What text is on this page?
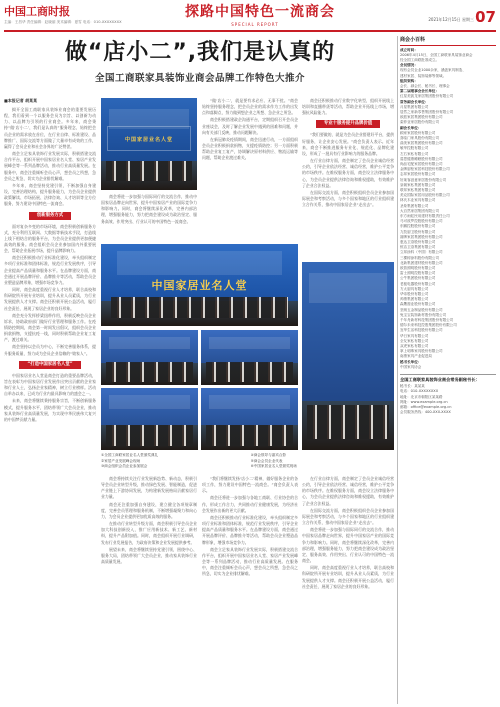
中国工商时报
主编：王昌华 责任编辑：赵晓丽 美术编辑：夏雪 电话：010-XXXXXXXX
探路中国特色一流商会
SPECIAL REPORT
2021年12月15日 星期三 07
做“店小二”,我们是认真的
全国工商联家具装饰业商会品牌工作特色大推介
■本报记者 胡某某

揭开全国工商联家具装饰业商会的重要发展历程，我们看到一个以服务会员为宗旨、以创新为动力、以品牌为引领的行业商会。多年来，商会秉持“做‘店小二’，我们是认真的”服务理念，始终把会员企业的需求放在首位，在行业自律、标准建设、品牌推广、国际交流等方面做了大量卓有成效的工作，赢得了会员企业和社会各界的广泛赞誉。

商会立足家具装饰行业发展实际，积极搭建交流合作平台，组织开展中国家居业名人堂、家居产业发展峰会等一系列品牌活动，推动行业高质量发展。在服务中，商会注重倾听会员心声，想会员之所想，急会员之所急，切实为企业排忧解难。

多年来，商会坚持党建引领，不断加强自身建设，完善治理结构，提升服务能力，为会员企业提供政策解读、市场拓展、法律咨询、人才培训等全方位服务，努力建设中国特色一流商会。

创新服务方式

面对复杂多变的市场环境，商会积极创新服务方式，充分利用互联网、大数据等新技术手段，打造线上线下相结合的服务平台，为会员企业提供更加便捷高效的服务。商会组织会员企业参加国内外重要展会，帮助企业拓展市场，提升品牌影响力。

商会还积极推动行业标准化建设，牵头组织制定多项行业标准和团体标准，规范行业发展秩序，引导企业提高产品质量和服务水平。在品牌建设方面，商会通过开展品牌评价、品牌推介等活动，帮助会员企业塑造品牌形象，增强市场竞争力。

同时，商会高度重视行业人才培养，联合高校和科研院所开展专业培训，提升从业人员素质，为行业发展提供人才支撑。商会还积极开展公益活动，履行社会责任，展现了家居企业的良好形象。

商会充分发挥桥梁纽带作用，积极反映会员企业诉求，协助政府部门做好行业管理和服务工作。在疫情防控期间，商会第一时间发出倡议，组织会员企业捐款捐物，支援抗疫一线，同时积极帮助企业复工复产，渡过难关。

商会坚持以会员为中心，不断完善服务体系，提升服务质量，努力成为会员企业信赖的“娘家人”。

“打造中国家居名人堂”

中国家居业名人堂是商会打造的重要品牌活动，旨在表彰为中国家居行业发展作出突出贡献的企业家和行业人士，弘扬企业家精神，树立行业榜样。活动自举办以来，已成为行业内最具影响力的盛会之一。

未来，商会将继续秉持服务宗旨，不断创新服务模式，提升服务水平，团结带领广大会员企业，推动家具装饰行业高质量发展，为实现中华民族伟大复兴的中国梦贡献力量。

中国家居业名人堂

商会将进一步加强与国际同行的交流合作，推动中国家居品牌走向世界，提升中国家居产业的国际竞争力和影响力。同时，商会将继续深化改革，完善内部治理，增强服务能力，努力把商会建设成为政治坚定、服务高效、作用突出、行业认可的中国特色一流商会。

“做‘店小二’，就是要有求必应、无事不扰。”商会始终坚持服务理念，把会员企业的需求作为工作的出发点和落脚点，努力做到想企业之所想、急企业之所急。

商会积极搭建政企沟通平台，定期组织召开会员企业座谈会，及时了解企业发展中遇到的困难和问题，并向有关部门反映，推动问题解决。

在新冠肺炎疫情期间，商会迅速行动，一方面组织会员企业积极捐款捐物，支援疫情防控；另一方面积极帮助企业复工复产，协调解决原材料供应、物流运输等问题，帮助企业渡过难关。

商会还积极推动行业数字化转型，组织开展线上培训和直播带货等活动，帮助企业开拓线上市场，增强抗风险能力。

专业十服务提升品牌价值

“我们要做的，就是为会员企业搭建好平台，提供好服务，让企业安心发展。”商会负责人表示。近年来，商会不断推进服务专业化、规范化、品牌化建设，形成了一批具有行业影响力的服务品牌。

在行业自律方面，商会制定了会员企业诚信经营公约，引导企业依法经营、诚信经营，维护公平竞争的市场秩序。在维权服务方面，商会设立法律服务中心，为会员企业提供法律咨询和维权援助，有效维护了企业合法权益。

在国际交流方面，商会积极组织会员企业参加国际展会和考察活动，与多个国家和地区的行业组织建立合作关系，推动中国家居企业“走出去”。

中国家居业名人堂
①全国工商联家居业名人堂颁奖典礼	④商会领导与嘉宾合影
②家居产业发展峰会现场	⑤商会会员企业代表
③商会组织会员企业参加展会	⑥中国家居业名人堂颁奖现场

商会将持续关注行业发展新趋势、新动态，积极引导会员企业转型升级，推动绿色发展、智能制造，促进产业链上下游协同发展，为构建新发展格局贡献家居行业力量。

商会还注重加强自身建设，建立健全各项规章制度，完善会员管理和服务机制，不断增强凝聚力和向心力，为会员企业提供更加优质高效的服务。

在推动行业转型升级方面，商会积极引导会员企业加大科技创新投入，推广应用新技术、新工艺、新材料，提升产品附加值。同时，商会组织开展行业调研，发布行业发展报告，为政府决策和企业发展提供参考。

展望未来，商会将继续坚持党建引领，围绕中心、服务大局，团结带领广大会员企业，推动家具装饰行业高质量发展。

“我们将继续发扬‘店小二’精神，做好服务企业的各项工作，努力建设中国特色一流商会。”商会负责人表示。

商会还将进一步加强与各地工商联、行业协会的合作，形成工作合力，共同推动行业健康发展，为经济社会发展作出新的更大贡献。

商会还积极推动行业标准化建设，牵头组织制定多项行业标准和团体标准，规范行业发展秩序，引导企业提高产品质量和服务水平。在品牌建设方面，商会通过开展品牌评价、品牌推介等活动，帮助会员企业塑造品牌形象，增强市场竞争力。

商会立足家具装饰行业发展实际，积极搭建交流合作平台，组织开展中国家居业名人堂、家居产业发展峰会等一系列品牌活动，推动行业高质量发展。在服务中，商会注重倾听会员心声，想会员之所想，急会员之所急，切实为企业排忧解难。

在行业自律方面，商会制定了会员企业诚信经营公约，引导企业依法经营、诚信经营，维护公平竞争的市场秩序。在维权服务方面，商会设立法律服务中心，为会员企业提供法律咨询和维权援助，有效维护了企业合法权益。

在国际交流方面，商会积极组织会员企业参加国际展会和考察活动，与多个国家和地区的行业组织建立合作关系，推动中国家居企业“走出去”。

商会将进一步加强与国际同行的交流合作，推动中国家居品牌走向世界，提升中国家居产业的国际竞争力和影响力。同时，商会将继续深化改革，完善内部治理，增强服务能力，努力把商会建设成为政治坚定、服务高效、作用突出、行业认可的中国特色一流商会。

同时，商会高度重视行业人才培养，联合高校和科研院所开展专业培训，提升从业人员素质，为行业发展提供人才支撑。商会还积极开展公益活动，履行社会责任，展现了家居企业的良好形象。

商会小百科
成立时间：
2006年4月15日，全国工商联家具装饰业商会
经全国工商联批准成立。
会员情况：
现有会员企业1000余家，涵盖家具制造、
建材家居、装饰装修等领域。
组织架构：
会长、副会长、秘书长、理事会
第二届理事会会长单位：
红星美凯龙家居集团股份有限公司
常务副会长单位：
月星集团有限公司
居然之家新零售集团股份有限公司
欧派家居集团股份有限公司
索菲亚家居股份有限公司
副会长单位：
顾家家居股份有限公司
喜临门家具股份有限公司
曲美家居集团股份有限公司
敏华控股有限公司
左右家私有限公司
慕思健康睡眠股份有限公司
尚品宅配家居股份有限公司
金牌厨柜家居科技股份有限公司
志邦家居股份有限公司
好莱客创意家居股份有限公司
皇朝家私集团有限公司
联邦家私集团有限公司
美克国际家居用品股份有限公司
林氏木业家具有限公司
圣象集团有限公司
大自然家居集团有限公司
东方雨虹民用建材有限责任公司
马可波罗控股股份有限公司
东鹏控股股份有限公司
九牧厨卫股份有限公司
箭牌家居集团股份有限公司
惠达卫浴股份有限公司
恒洁卫浴集团有限公司
立邦涂料（中国）有限公司
三棵树涂料股份有限公司
北新集团建材股份有限公司
欧普照明股份有限公司
雷士照明控股有限公司
公牛集团股份有限公司
老板电器股份有限公司
方太厨具有限公司
华帝股份有限公司
帅康集团有限公司
森鹰窗业股份有限公司
坚朗五金制品股份有限公司
兔宝宝装饰新材股份有限公司
千年舟新材科技集团股份有限公司
德尔未来科技控股集团股份有限公司
宜华生活科技股份有限公司
华日家具有限公司
全友家私有限公司
双虎家私有限公司
掌上明珠家具股份有限公司
南康家具产业促进局
秘书长单位：
中国家具协会
全国工商联家具装饰业商会常务副秘书长：
秘书长：某某某
电话：010-XXXXXXXX
地址：北京市朝阳区某某路
网址：www.example.org.cn
邮箱：office@example.org.cn
会员服务热线：400-XXX-XXXX
